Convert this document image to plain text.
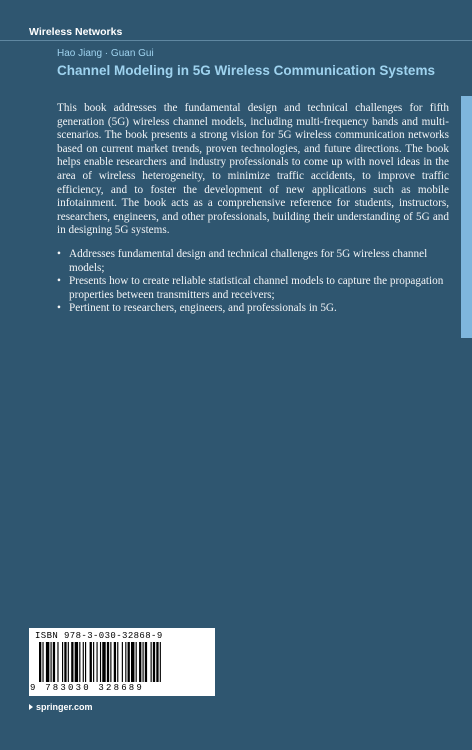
Wireless Networks
Hao Jiang · Guan Gui
Channel Modeling in 5G Wireless Communication Systems

This book addresses the fundamental design and technical challenges for fifth generation (5G) wireless channel models, including multi-frequency bands and multi-scenarios. The book presents a strong vision for 5G wireless communication networks based on current market trends, proven technologies, and future directions. The book helps enable researchers and industry professionals to come up with novel ideas in the area of wireless heterogeneity, to minimize traffic accidents, to improve traffic efficiency, and to foster the development of new applications such as mobile infotainment. The book acts as a comprehensive reference for students, instructors, researchers, engineers, and other professionals, building their understanding of 5G and in designing 5G systems.

• Addresses fundamental design and technical challenges for 5G wireless channel models;
• Presents how to create reliable statistical channel models to capture the propagation properties between transmitters and receivers;
• Pertinent to researchers, engineers, and professionals in 5G.
ISBN 978-3-030-32868-9
9 783030 328689
springer.com
